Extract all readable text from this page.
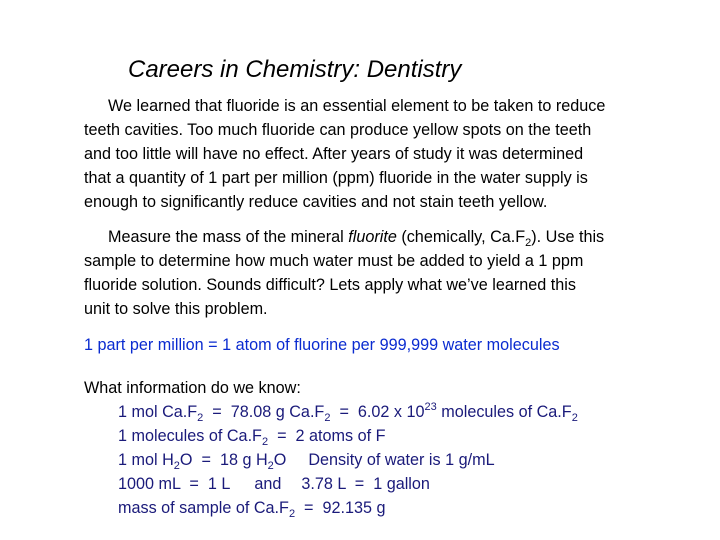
Careers in Chemistry: Dentistry

We learned that fluoride is an essential element to be taken to reduce
teeth cavities. Too much fluoride can produce yellow spots on the teeth
and too little will have no effect. After years of study it was determined
that a quantity of 1 part per million (ppm) fluoride in the water supply is
enough to significantly reduce cavities and not stain teeth yellow.

Measure the mass of the mineral fluorite (chemically, $Ca.F_2$). Use this
sample to determine how much water must be added to yield a 1 ppm
fluoride solution. Sounds difficult? Lets apply what we’ve learned this
unit to solve this problem.

1 part per million = 1 atom of fluorine per 999,999 water molecules
What information do we know:
1 mol $Ca.F_2 = 78.08$ g $Ca.F_2 = 6.02$ x $10^{23}$ molecules of $Ca.F_2$
1 molecules of $Ca.F_2 = 2$ atoms of F
1 mol $H_2O = 18$ g $H_2O$ Density of water is 1 g/mL
1000 mL  =  1 L and 3.78 L  =  1 gallon
mass of sample of $Ca.F_2 = 92.135$ g
